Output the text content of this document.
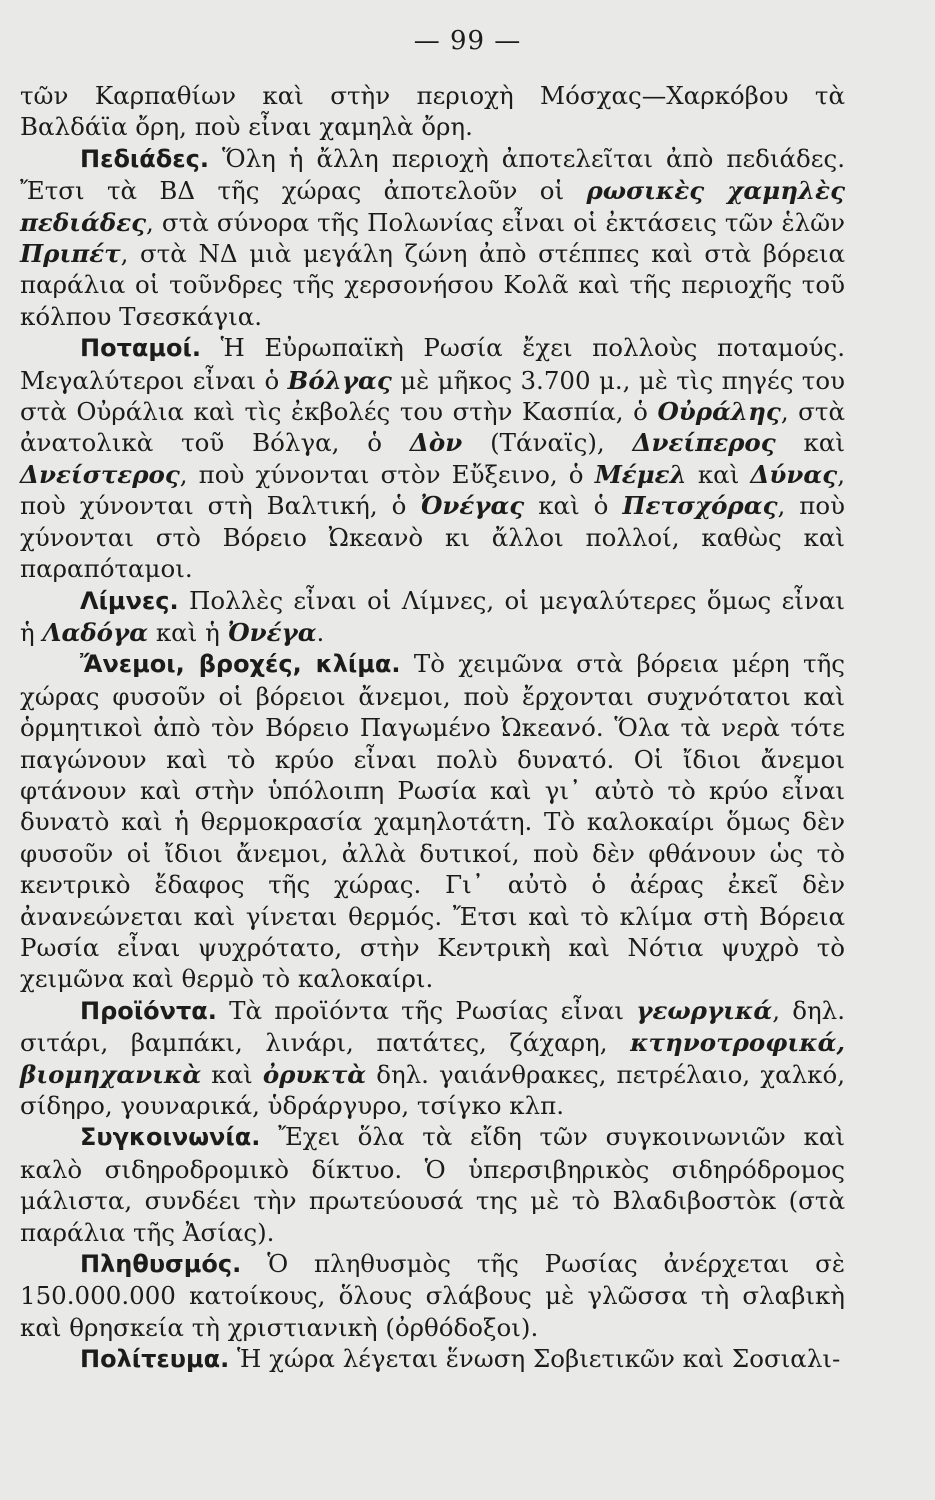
— 99 —

τῶν Καρπαθίων καὶ στὴν περιοχὴ Μόσχας—Χαρκόβου τὰ Βαλδάϊα ὄρη, ποὺ εἶναι χαμηλὰ ὄρη.

Πεδιάδες. Ὅλη ἡ ἄλλη περιοχὴ ἀποτελεῖται ἀπὸ πεδιάδες. Ἔτσι τὰ ΒΔ τῆς χώρας ἀποτελοῦν οἱ ρωσικὲς χαμηλὲς πεδιάδες, στὰ σύνορα τῆς Πολωνίας εἶναι οἱ ἐκτάσεις τῶν ἑλῶν Πριπέτ, στὰ ΝΔ μιὰ μεγάλη ζώνη ἀπὸ στέππες καὶ στὰ βόρεια παράλια οἱ τοῦνδρες τῆς χερσονήσου Κολᾶ καὶ τῆς περιοχῆς τοῦ κόλπου Τσεσκάγια.

Ποταμοί. Ἡ Εὐρωπαϊκὴ Ρωσία ἔχει πολλοὺς ποταμούς. Μεγαλύτεροι εἶναι ὁ Βόλγας μὲ μῆκος 3.700 μ., μὲ τὶς πηγές του στὰ Οὐράλια καὶ τὶς ἐκβολές του στὴν Κασπία, ὁ Οὐράλης, στὰ ἀνατολικὰ τοῦ Βόλγα, ὁ Δὸν (Τάναϊς), Δνείπερος καὶ Δνείστερος, ποὺ χύνονται στὸν Εὔξεινο, ὁ Μέμελ καὶ Δύνας, ποὺ χύνονται στὴ Βαλτική, ὁ Ὀνέγας καὶ ὁ Πετσχόρας, ποὺ χύνονται στὸ Βόρειο Ὠκεανὸ κι ἄλλοι πολλοί, καθὼς καὶ παραπόταμοι.

Λίμνες. Πολλὲς εἶναι οἱ Λίμνες, οἱ μεγαλύτερες ὅμως εἶναι ἡ Λαδόγα καὶ ἡ Ὀνέγα.

Ἄνεμοι, βροχές, κλίμα. Τὸ χειμῶνα στὰ βόρεια μέρη τῆς χώρας φυσοῦν οἱ βόρειοι ἄνεμοι, ποὺ ἔρχονται συχνότατοι καὶ ὁρμητικοὶ ἀπὸ τὸν Βόρειο Παγωμένο Ὠκεανό. Ὅλα τὰ νερὰ τότε παγώνουν καὶ τὸ κρύο εἶναι πολὺ δυνατό. Οἱ ἴδιοι ἄνεμοι φτάνουν καὶ στὴν ὑπόλοιπη Ρωσία καὶ γι᾿ αὐτὸ τὸ κρύο εἶναι δυνατὸ καὶ ἡ θερμοκρασία χαμηλοτάτη. Τὸ καλοκαίρι ὅμως δὲν φυσοῦν οἱ ἴδιοι ἄνεμοι, ἀλλὰ δυτικοί, ποὺ δὲν φθάνουν ὡς τὸ κεντρικὸ ἔδαφος τῆς χώρας. Γι᾿ αὐτὸ ὁ ἀέρας ἐκεῖ δὲν ἀνανεώνεται καὶ γίνεται θερμός. Ἔτσι καὶ τὸ κλίμα στὴ Βόρεια Ρωσία εἶναι ψυχρότατο, στὴν Κεντρικὴ καὶ Νότια ψυχρὸ τὸ χειμῶνα καὶ θερμὸ τὸ καλοκαίρι.

Προϊόντα. Τὰ προϊόντα τῆς Ρωσίας εἶναι γεωργικά, δηλ. σιτάρι, βαμπάκι, λινάρι, πατάτες, ζάχαρη, κτηνοτροφικά, βιομηχανικὰ καὶ ὀρυκτὰ δηλ. γαιάνθρακες, πετρέλαιο, χαλκό, σίδηρο, γουναρικά, ὑδράργυρο, τσίγκο κλπ.

Συγκοινωνία. Ἔχει ὅλα τὰ εἴδη τῶν συγκοινωνιῶν καὶ καλὸ σιδηροδρομικὸ δίκτυο. Ὁ ὑπερσιβηρικὸς σιδηρόδρομος μάλιστα, συνδέει τὴν πρωτεύουσά της μὲ τὸ Βλαδιβοστὸκ (στὰ παράλια τῆς Ἀσίας).

Πληθυσμός. Ὁ πληθυσμὸς τῆς Ρωσίας ἀνέρχεται σὲ 150.000.000 κατοίκους, ὅλους σλάβους μὲ γλῶσσα τὴ σλαβικὴ καὶ θρησκεία τὴ χριστιανικὴ (ὀρθόδοξοι).

Πολίτευμα. Ἡ χώρα λέγεται ἕνωση Σοβιετικῶν καὶ Σοσιαλι-
